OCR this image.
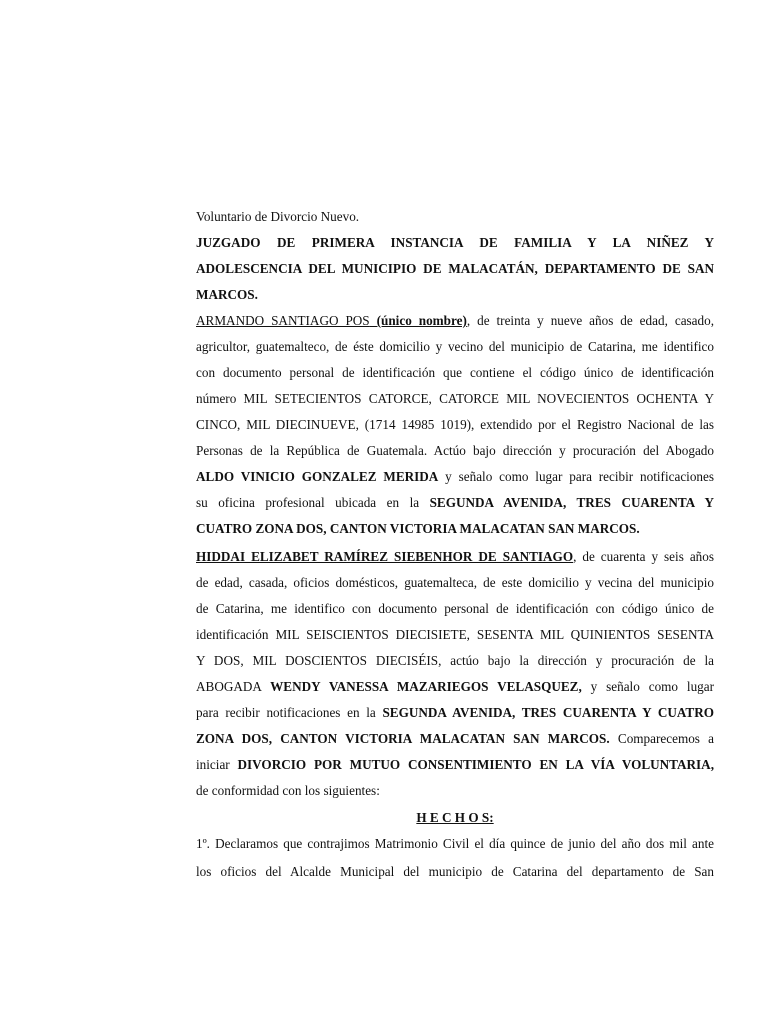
Voluntario de Divorcio Nuevo.
JUZGADO DE PRIMERA INSTANCIA DE FAMILIA Y LA NIÑEZ Y
ADOLESCENCIA DEL MUNICIPIO DE MALACATÁN, DEPARTAMENTO DE SAN
MARCOS.
ARMANDO SANTIAGO POS (único nombre), de treinta y nueve años de edad, casado,
agricultor, guatemalteco, de éste domicilio y vecino del municipio de Catarina, me identifico
con documento personal de identificación que contiene el código único de identificación
número MIL SETECIENTOS CATORCE, CATORCE MIL NOVECIENTOS OCHENTA Y
CINCO, MIL DIECINUEVE, (1714 14985 1019), extendido por el Registro Nacional de las
Personas de la República de Guatemala. Actúo bajo dirección y procuración del Abogado
ALDO VINICIO GONZALEZ MERIDA y señalo como lugar para recibir notificaciones
su oficina profesional ubicada en la SEGUNDA AVENIDA, TRES CUARENTA Y
CUATRO ZONA DOS, CANTON VICTORIA MALACATAN SAN MARCOS.
HIDDAI ELIZABET RAMÍREZ SIEBENHOR DE SANTIAGO, de cuarenta y seis años
de edad, casada, oficios domésticos, guatemalteca, de este domicilio y vecina del municipio
de Catarina, me identifico con documento personal de identificación con código único de
identificación MIL SEISCIENTOS DIECISIETE, SESENTA MIL QUINIENTOS SESENTA
Y DOS, MIL DOSCIENTOS DIECISÉIS, actúo bajo la dirección y procuración de la
ABOGADA WENDY VANESSA MAZARIEGOS VELASQUEZ, y señalo como lugar
para recibir notificaciones en la SEGUNDA AVENIDA, TRES CUARENTA Y CUATRO
ZONA DOS, CANTON VICTORIA MALACATAN SAN MARCOS. Comparecemos a
iniciar DIVORCIO POR MUTUO CONSENTIMIENTO EN LA VÍA VOLUNTARIA,
de conformidad con los siguientes:
H E C H O S:
1º. Declaramos que contrajimos Matrimonio Civil el día quince de junio del año dos mil ante
los oficios del Alcalde Municipal del municipio de Catarina del departamento de San
